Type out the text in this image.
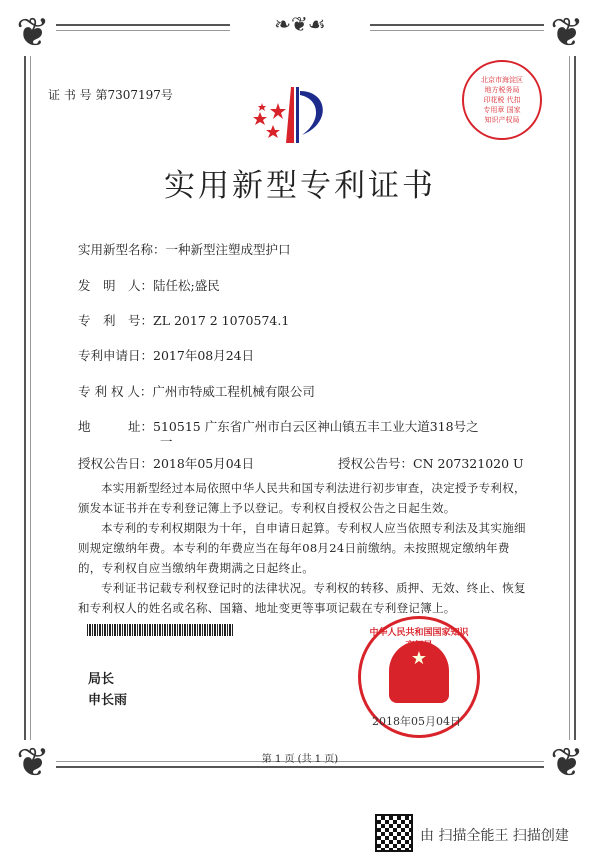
❦	❦
❦	❦
❧❦☙
证 书 号 第7307197号
北京市海淀区地方税务局 印花税 代扣专用章 国家知识产权局
实用新型专利证书
实用新型名称：一种新型注塑成型护口
发　明　人：陆任松;盛民
专　利　号：ZL 2017 2 1070574.1
专利申请日：2017年08月24日
专 利 权 人：广州市特威工程机械有限公司
地　　　址：510515 广东省广州市白云区神山镇五丰工业大道318号之
一
授权公告日：2018年05月04日	授权公告号：CN 207321020 U

本实用新型经过本局依照中华人民共和国专利法进行初步审查，决定授予专利权，颁发本证书并在专利登记簿上予以登记。专利权自授权公告之日起生效。

本专利的专利权期限为十年，自申请日起算。专利权人应当依照专利法及其实施细则规定缴纳年费。本专利的年费应当在每年08月24日前缴纳。未按照规定缴纳年费的，专利权自应当缴纳年费期满之日起终止。

专利证书记载专利权登记时的法律状况。专利权的转移、质押、无效、终止、恢复和专利权人的姓名或名称、国籍、地址变更等事项记载在专利登记簿上。

局长
申长雨
★
中华人民共和国国家知识产权局
2018年05月04日
第 1 页 (共 1 页)
由 扫描全能王 扫描创建
